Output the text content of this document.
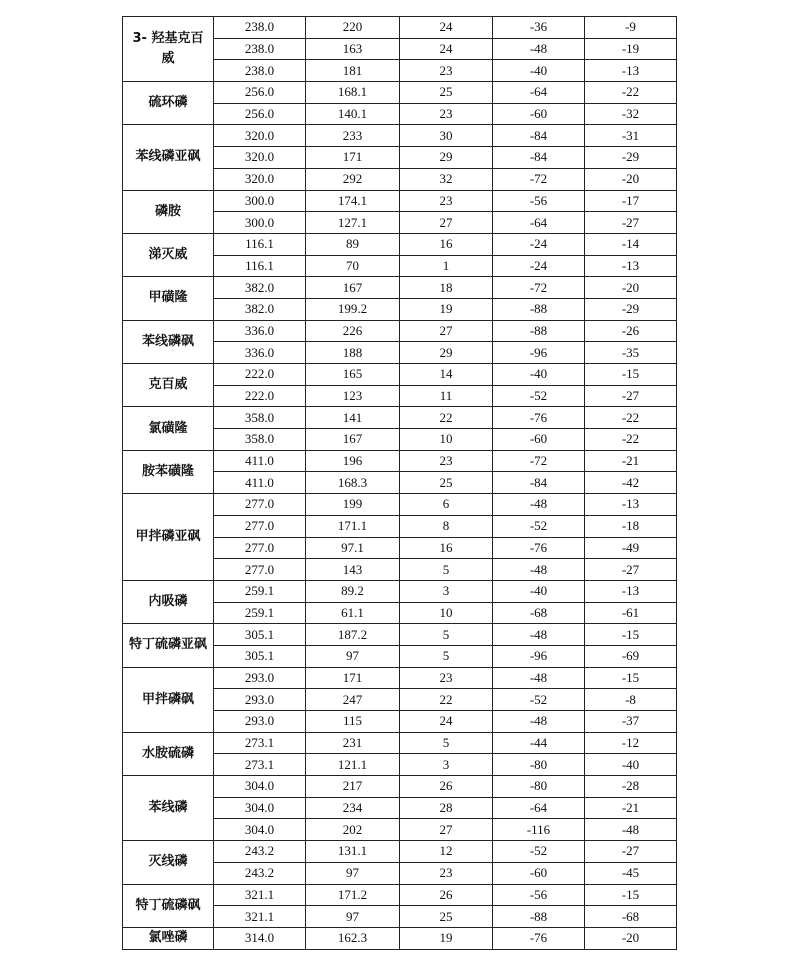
3- 羟基克百威	238.0	220	24	-36	-9
	238.0	163	24	-48	-19
	238.0	181	23	-40	-13
硫环磷	256.0	168.1	25	-64	-22
	256.0	140.1	23	-60	-32
苯线磷亚砜	320.0	233	30	-84	-31
	320.0	171	29	-84	-29
	320.0	292	32	-72	-20
磷胺	300.0	174.1	23	-56	-17
	300.0	127.1	27	-64	-27
涕灭威	116.1	89	16	-24	-14
	116.1	70	1	-24	-13
甲磺隆	382.0	167	18	-72	-20
	382.0	199.2	19	-88	-29
苯线磷砜	336.0	226	27	-88	-26
	336.0	188	29	-96	-35
克百威	222.0	165	14	-40	-15
	222.0	123	11	-52	-27
氯磺隆	358.0	141	22	-76	-22
	358.0	167	10	-60	-22
胺苯磺隆	411.0	196	23	-72	-21
	411.0	168.3	25	-84	-42
甲拌磷亚砜	277.0	199	6	-48	-13
	277.0	171.1	8	-52	-18
	277.0	97.1	16	-76	-49
	277.0	143	5	-48	-27
内吸磷	259.1	89.2	3	-40	-13
	259.1	61.1	10	-68	-61
特丁硫磷亚砜	305.1	187.2	5	-48	-15
	305.1	97	5	-96	-69
甲拌磷砜	293.0	171	23	-48	-15
	293.0	247	22	-52	-8
	293.0	115	24	-48	-37
水胺硫磷	273.1	231	5	-44	-12
	273.1	121.1	3	-80	-40
苯线磷	304.0	217	26	-80	-28
	304.0	234	28	-64	-21
	304.0	202	27	-116	-48
灭线磷	243.2	131.1	12	-52	-27
	243.2	97	23	-60	-45
特丁硫磷砜	321.1	171.2	26	-56	-15
	321.1	97	25	-88	-68
氯唑磷	314.0	162.3	19	-76	-20
